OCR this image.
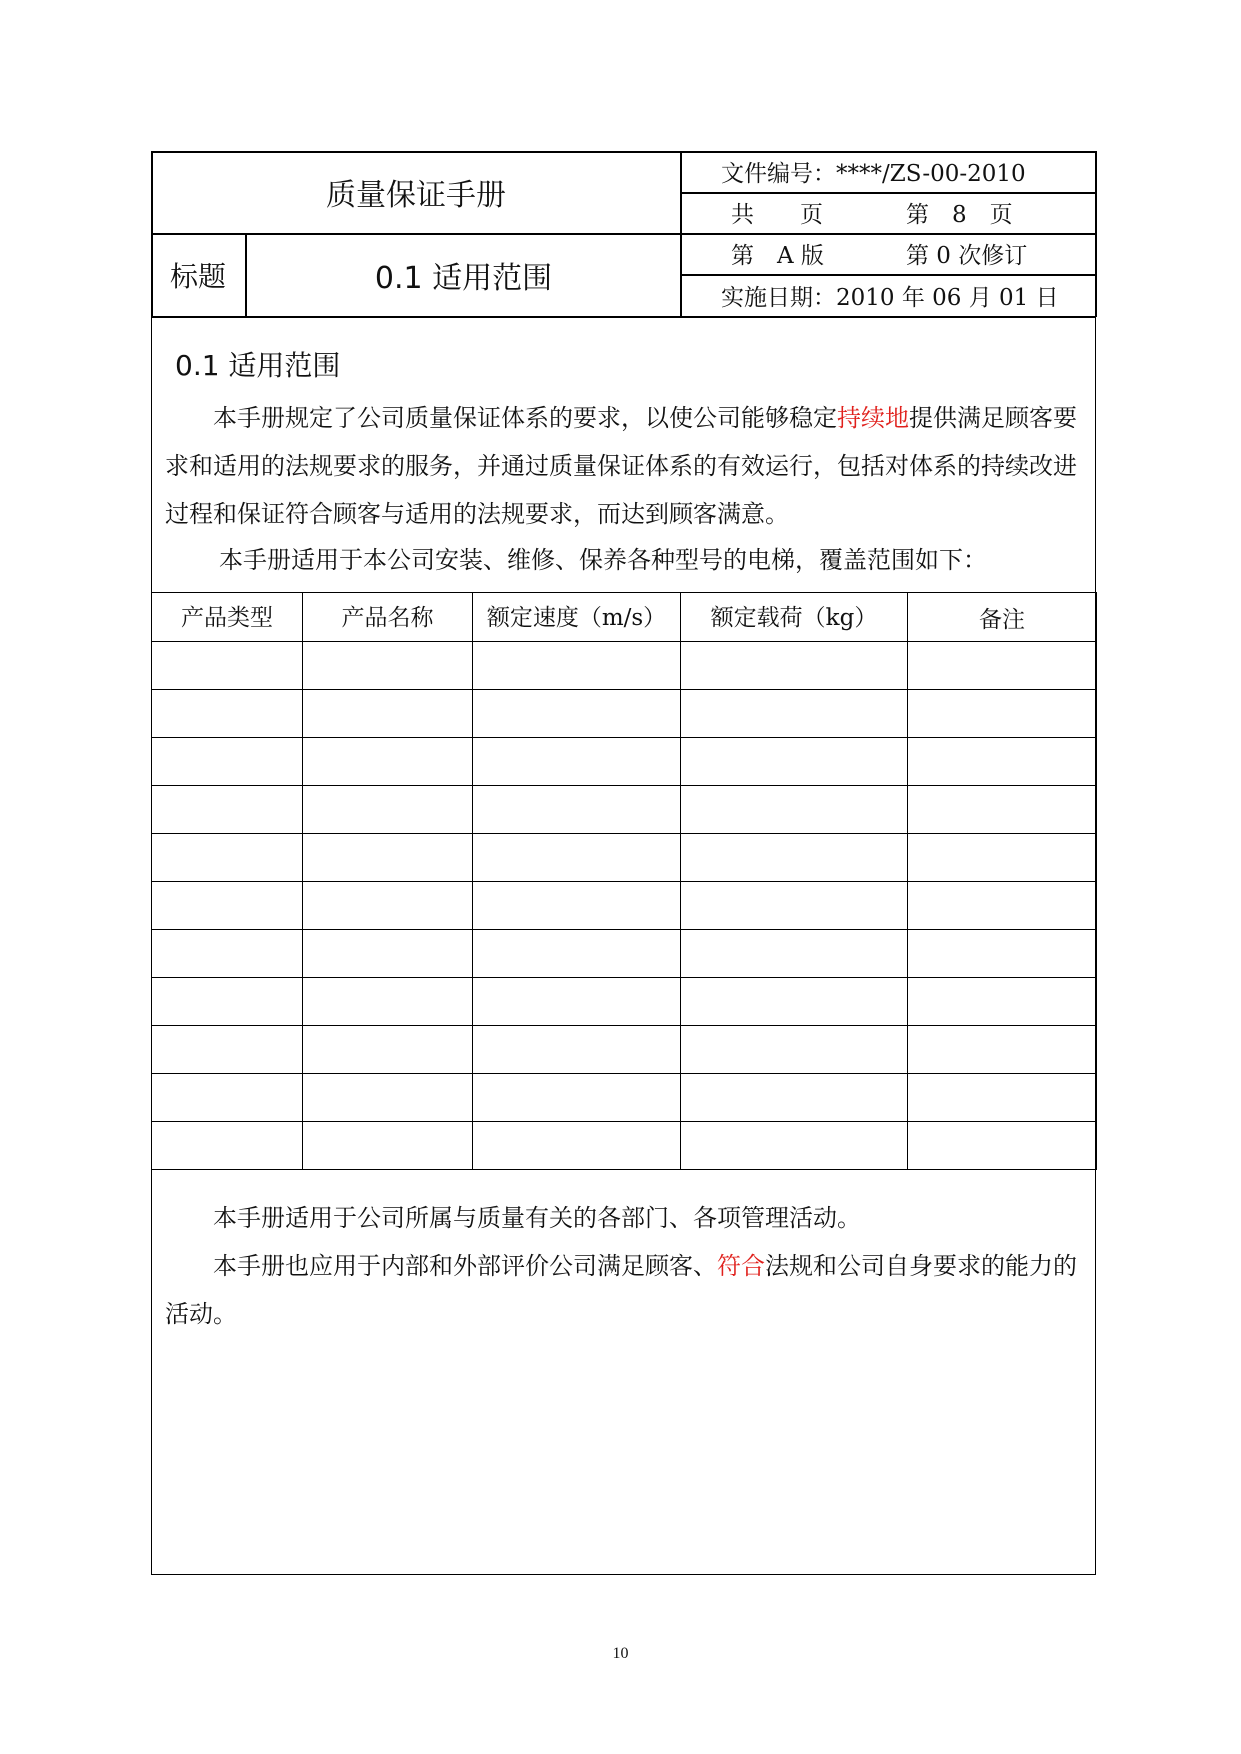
质量保证手册
标题	0.1 适用范围
文件编号：****/ZS-00-2010
共　　页	第　8　页
第　A 版	第 0 次修订
实施日期：2010 年 06 月 01 日
0.1 适用范围
本手册规定了公司质量保证体系的要求，以使公司能够稳定持续地提供满足顾客要求和适用的法规要求的服务，并通过质量保证体系的有效运行，包括对体系的持续改进过程和保证符合顾客与适用的法规要求，而达到顾客满意。
本手册适用于本公司安装、维修、保养各种型号的电梯，覆盖范围如下：
产品类型	产品名称	额定速度（m/s）	额定载荷（kg）	备注

本手册适用于公司所属与质量有关的各部门、各项管理活动。
本手册也应用于内部和外部评价公司满足顾客、符合法规和公司自身要求的能力的活动。
10
